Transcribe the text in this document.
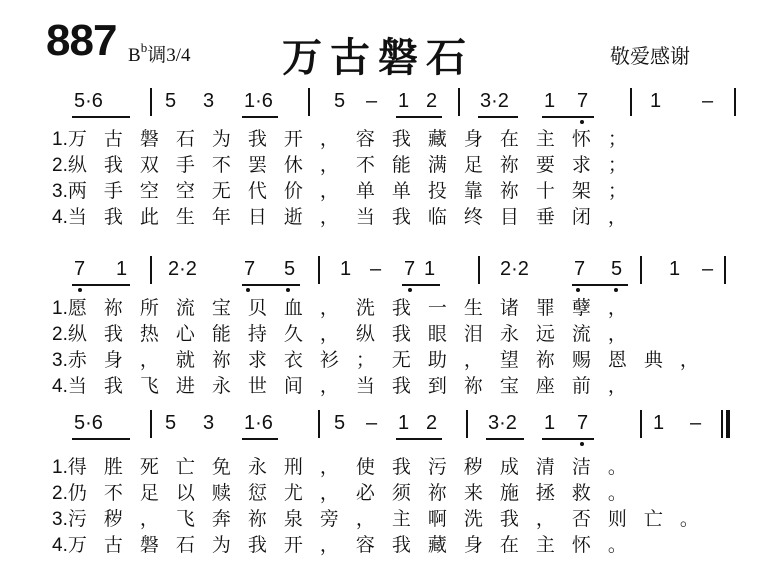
887 $B^b$调3/4 万古磐石	敬爱感谢
5·6	5 3 1·6	5 – 1 2 3·2 1 7	1 –
1.万古磐石为我开，容我藏身在主怀；
2.纵我双手不罢休，不能满足祢要求；
3.两手空空无代价，单单投靠祢十架；
4.当我此生年日逝，当我临终目垂闭，
7 1 2·2 7 5 1 – 7 1	2·2 7 5 1 –
1.愿祢所流宝贝血，洗我一生诸罪孽，
2.纵我热心能持久，纵我眼泪永远流，
3.赤身，就祢求衣衫；无助，望祢赐恩典，
4.当我飞进永世间，当我到祢宝座前，
5·6	5 3 1·6	5 – 1 2	3·2 1 7	1 –
1.得胜死亡免永刑，使我污秽成清洁。
2.仍不足以赎愆尤，必须祢来施拯救。
3.污秽，飞奔祢泉旁，主啊洗我，否则亡。
4.万古磐石为我开，容我藏身在主怀。
